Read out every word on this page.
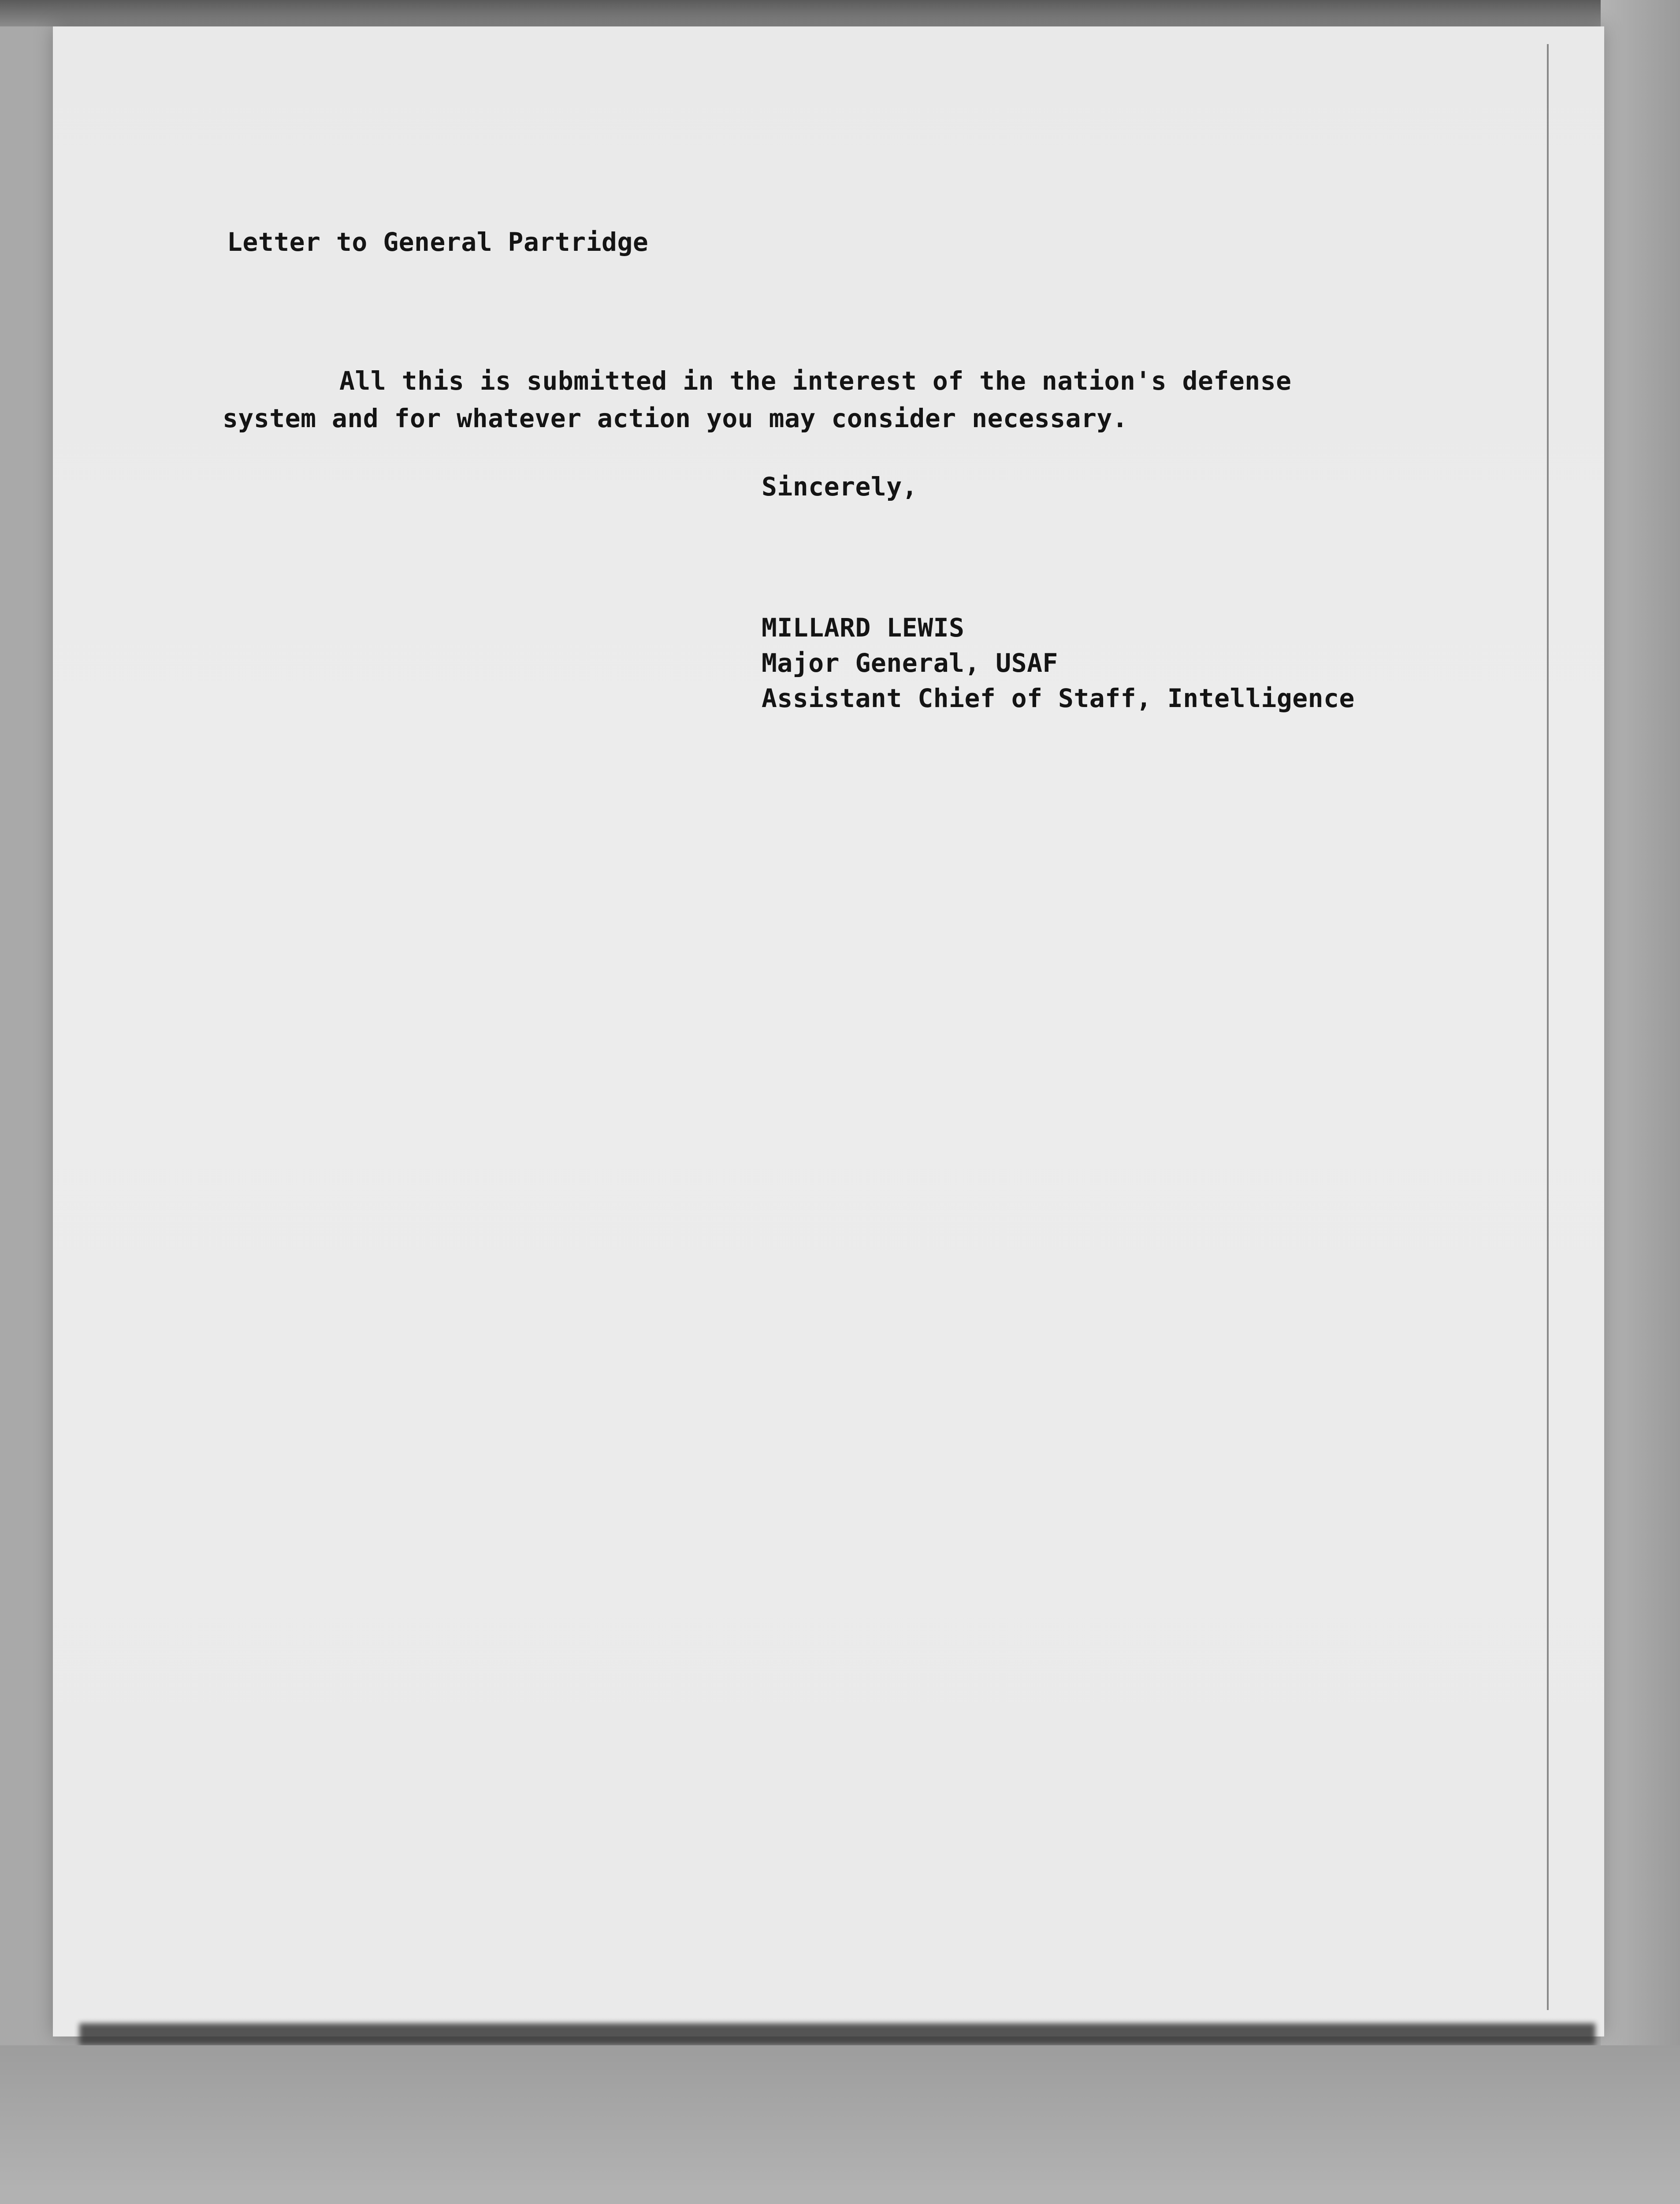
Letter to General Partridge
All this is submitted in the interest of the nation's defense
system and for whatever action you may consider necessary.
Sincerely,
MILLARD LEWIS
Major General, USAF
Assistant Chief of Staff, Intelligence
